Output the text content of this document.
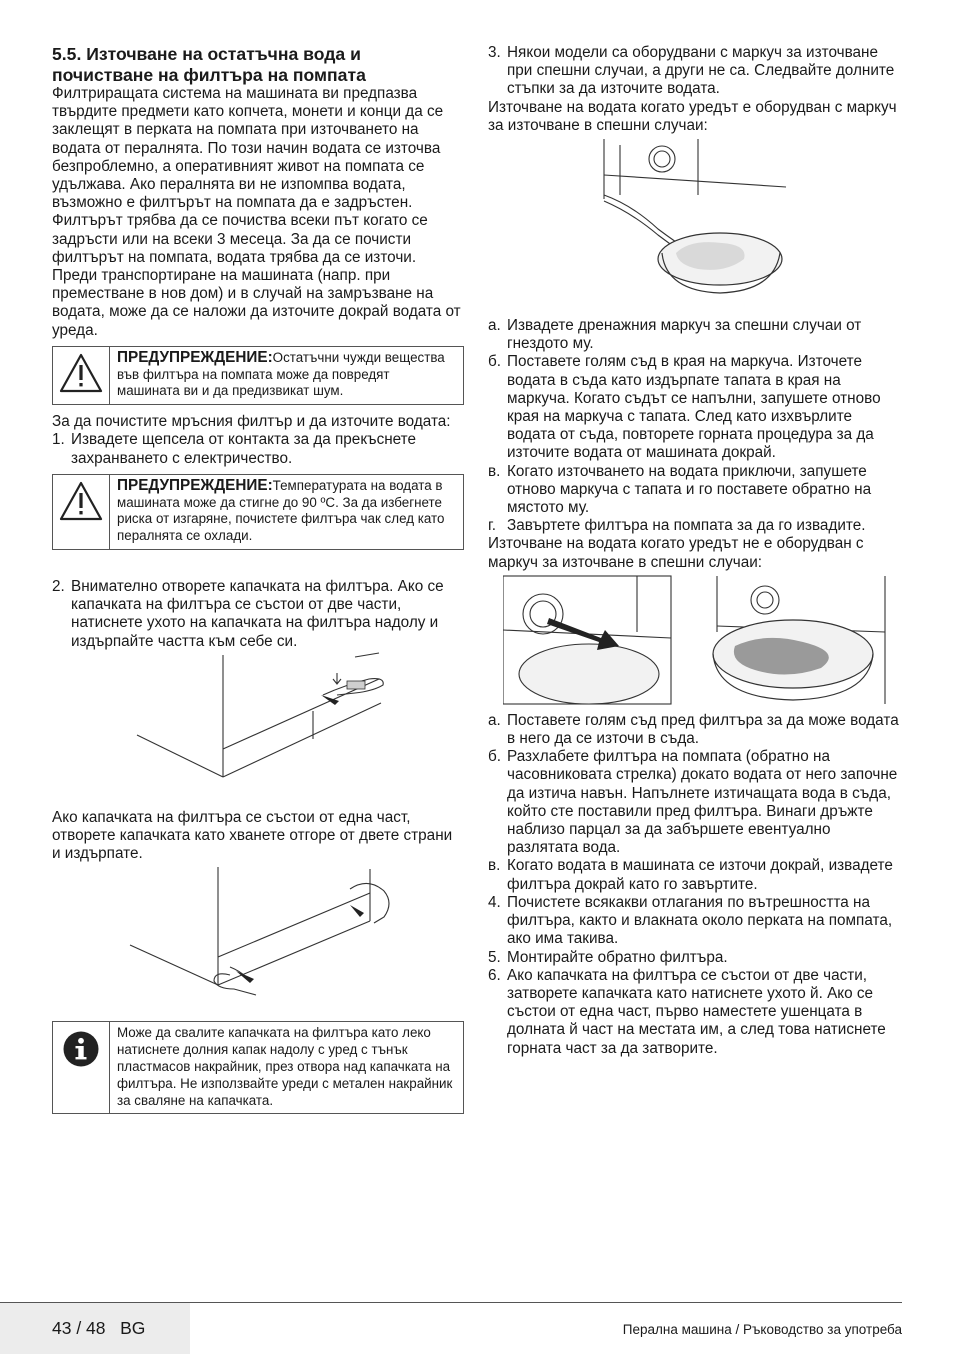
5.5. Източване на остатъчна вода и почистване на филтъра на помпата

Филтриращата система на машината ви предпазва твърдите предмети като копчета, монети и конци да се заклещят в перката на помпата при източването на водата от пералнята. По този начин водата се източва безпроблемно, а оперативният живот на помпата се удължава. Ако пералнята ви не изпомпва водата, възможно е филтърът на помпата да е задръстен. Филтърът трябва да се почиства всеки път когато се задръсти или на всеки 3 месеца. За да се почисти филтърът на помпата, водата трябва да се източи. Преди транспортиране на машината (напр. при преместване в нов дом) и в случай на замръзване на водата, може да се наложи да източите докрай водата от уреда.

ПРЕДУПРЕЖДЕНИЕ:Остатъчни чужди вещества във филтъра на помпата може да повредят машината ви и да предизвикат шум.

За да почистите мръсния филтър и да източите водата:

1. Извадете щепсела от контакта за да прекъснете захранването с електричество.
ПРЕДУПРЕЖДЕНИЕ:Температурата на водата в машината може да стигне до 90 ºC. За да избегнете риска от изгаряне, почистете филтъра чак след като пералнята се охлади.
2. Внимателно отворете капачката на филтъра. Ако се капачката на филтъра се състои от две части, натиснете ухото на капачката на филтъра надолу и издърпайте частта към себе си.

Ако капачката на филтъра се състои от една част, отворете капачката като хванете отгоре от двете страни и издърпате.

Може да свалите капачката на филтъра като леко натиснете долния капак надолу с уред с тънък пластмасов накрайник, през отвора над капачката на филтъра. Не използвайте уреди с метален накрайник за сваляне на капачката.
3. Някои модели са оборудвани с маркуч за източване при спешни случаи, а други не са. Следвайте долните стъпки за да източите водата.

Източване на водата когато уредът е оборудван с маркуч за източване в спешни случаи:

a. Извадете дренажния маркуч за спешни случаи от гнездото му.
б. Поставете голям съд в края на маркуча. Източете водата в съда като издърпате тапата в края на маркуча. Когато съдът се напълни, запушете отново края на маркуча с тапата. След като изхвърлите водата от съда, повторете горната процедура за да източите водата от машината докрай.
в. Когато източването на водата приключи, запушете отново маркуча с тапата и го поставете обратно на мястото му.
г. Завъртете филтъра на помпата за да го извадите.

Източване на водата когато уредът не е оборудван с маркуч за източване в спешни случаи:

a. Поставете голям съд пред филтъра за да може водата в него да се източи в съда.
б. Разхлабете филтъра на помпата (обратно на часовниковата стрелка) докато водата от него започне да изтича навън. Напълнете изтичащата вода в съда, който сте поставили пред филтъра. Винаги дръжте наблизо парцал за да забършете евентуално разлятата вода.
в. Когато водата в машината се източи докрай, извадете филтъра докрай като го завъртите.
4. Почистете всякакви отлагания по вътрешността на филтъра, както и влакната около перката на помпата, ако има такива.
5. Монтирайте обратно филтъра.
6. Ако капачката на филтъра се състои от две части, затворете капачката като натиснете ухото й. Ако се състои от една част, първо наместете ушенцата в долната й част на местата им, а след това натиснете горната част за да затворите.
43 / 48   BG	Перална машина / Ръководство за употреба
